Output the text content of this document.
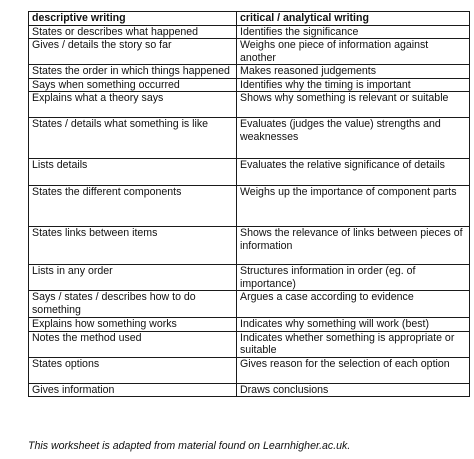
descriptive writing	critical / analytical writing
States or describes what happened	Identifies the significance
Gives / details the story so far	Weighs one piece of information against another
States the order in which things happened	Makes reasoned judgements
Says when something occurred	Identifies why the timing is important
Explains what a theory says	Shows why something is relevant or suitable
States / details what something is like	Evaluates (judges the value) strengths and weaknesses
Lists details	Evaluates the relative significance of details
States the different components	Weighs up the importance of component parts
States links between items	Shows the relevance of links between pieces of information
Lists in any order	Structures information in order (eg. of importance)
Says / states / describes how to do something	Argues a case according to evidence
Explains how something works	Indicates why something will work (best)
Notes the method used	Indicates whether something is appropriate or suitable
States options	Gives reason for the selection of each option
Gives information	Draws conclusions
This worksheet is adapted from material found on Learnhigher.ac.uk.
